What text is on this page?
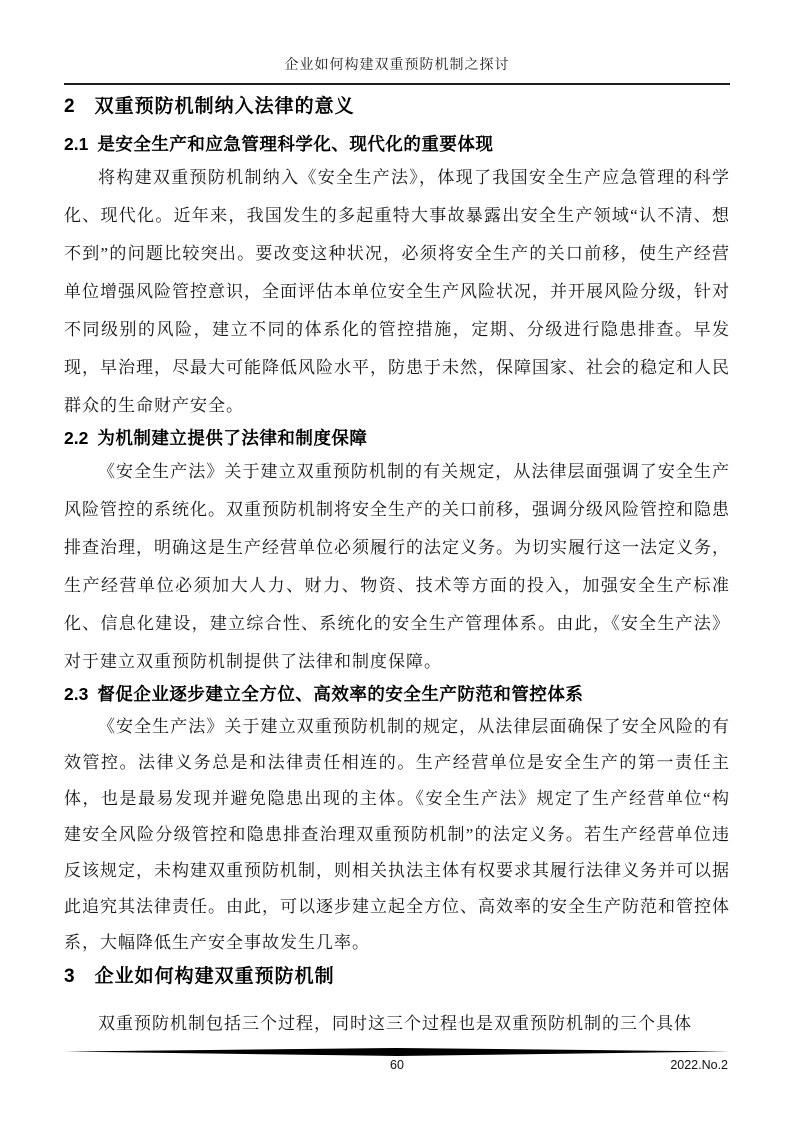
企业如何构建双重预防机制之探讨
2 双重预防机制纳入法律的意义
2.1 是安全生产和应急管理科学化、现代化的重要体现

将构建双重预防机制纳入《安全生产法》，体现了我国安全生产应急管理的科学化、现代化。近年来，我国发生的多起重特大事故暴露出安全生产领域“认不清、想不到”的问题比较突出。要改变这种状况，必须将安全生产的关口前移，使生产经营单位增强风险管控意识，全面评估本单位安全生产风险状况，并开展风险分级，针对不同级别的风险，建立不同的体系化的管控措施，定期、分级进行隐患排查。早发现，早治理，尽最大可能降低风险水平，防患于未然，保障国家、社会的稳定和人民群众的生命财产安全。

2.2 为机制建立提供了法律和制度保障

《安全生产法》关于建立双重预防机制的有关规定，从法律层面强调了安全生产风险管控的系统化。双重预防机制将安全生产的关口前移，强调分级风险管控和隐患排查治理，明确这是生产经营单位必须履行的法定义务。为切实履行这一法定义务，生产经营单位必须加大人力、财力、物资、技术等方面的投入，加强安全生产标准化、信息化建设，建立综合性、系统化的安全生产管理体系。由此，《安全生产法》对于建立双重预防机制提供了法律和制度保障。

2.3 督促企业逐步建立全方位、高效率的安全生产防范和管控体系

《安全生产法》关于建立双重预防机制的规定，从法律层面确保了安全风险的有效管控。法律义务总是和法律责任相连的。生产经营单位是安全生产的第一责任主体，也是最易发现并避免隐患出现的主体。《安全生产法》规定了生产经营单位“构建安全风险分级管控和隐患排查治理双重预防机制”的法定义务。若生产经营单位违反该规定，未构建双重预防机制，则相关执法主体有权要求其履行法律义务并可以据此追究其法律责任。由此，可以逐步建立起全方位、高效率的安全生产防范和管控体系，大幅降低生产安全事故发生几率。

3 企业如何构建双重预防机制

双重预防机制包括三个过程，同时这三个过程也是双重预防机制的三个具体

60	2022.No.2
